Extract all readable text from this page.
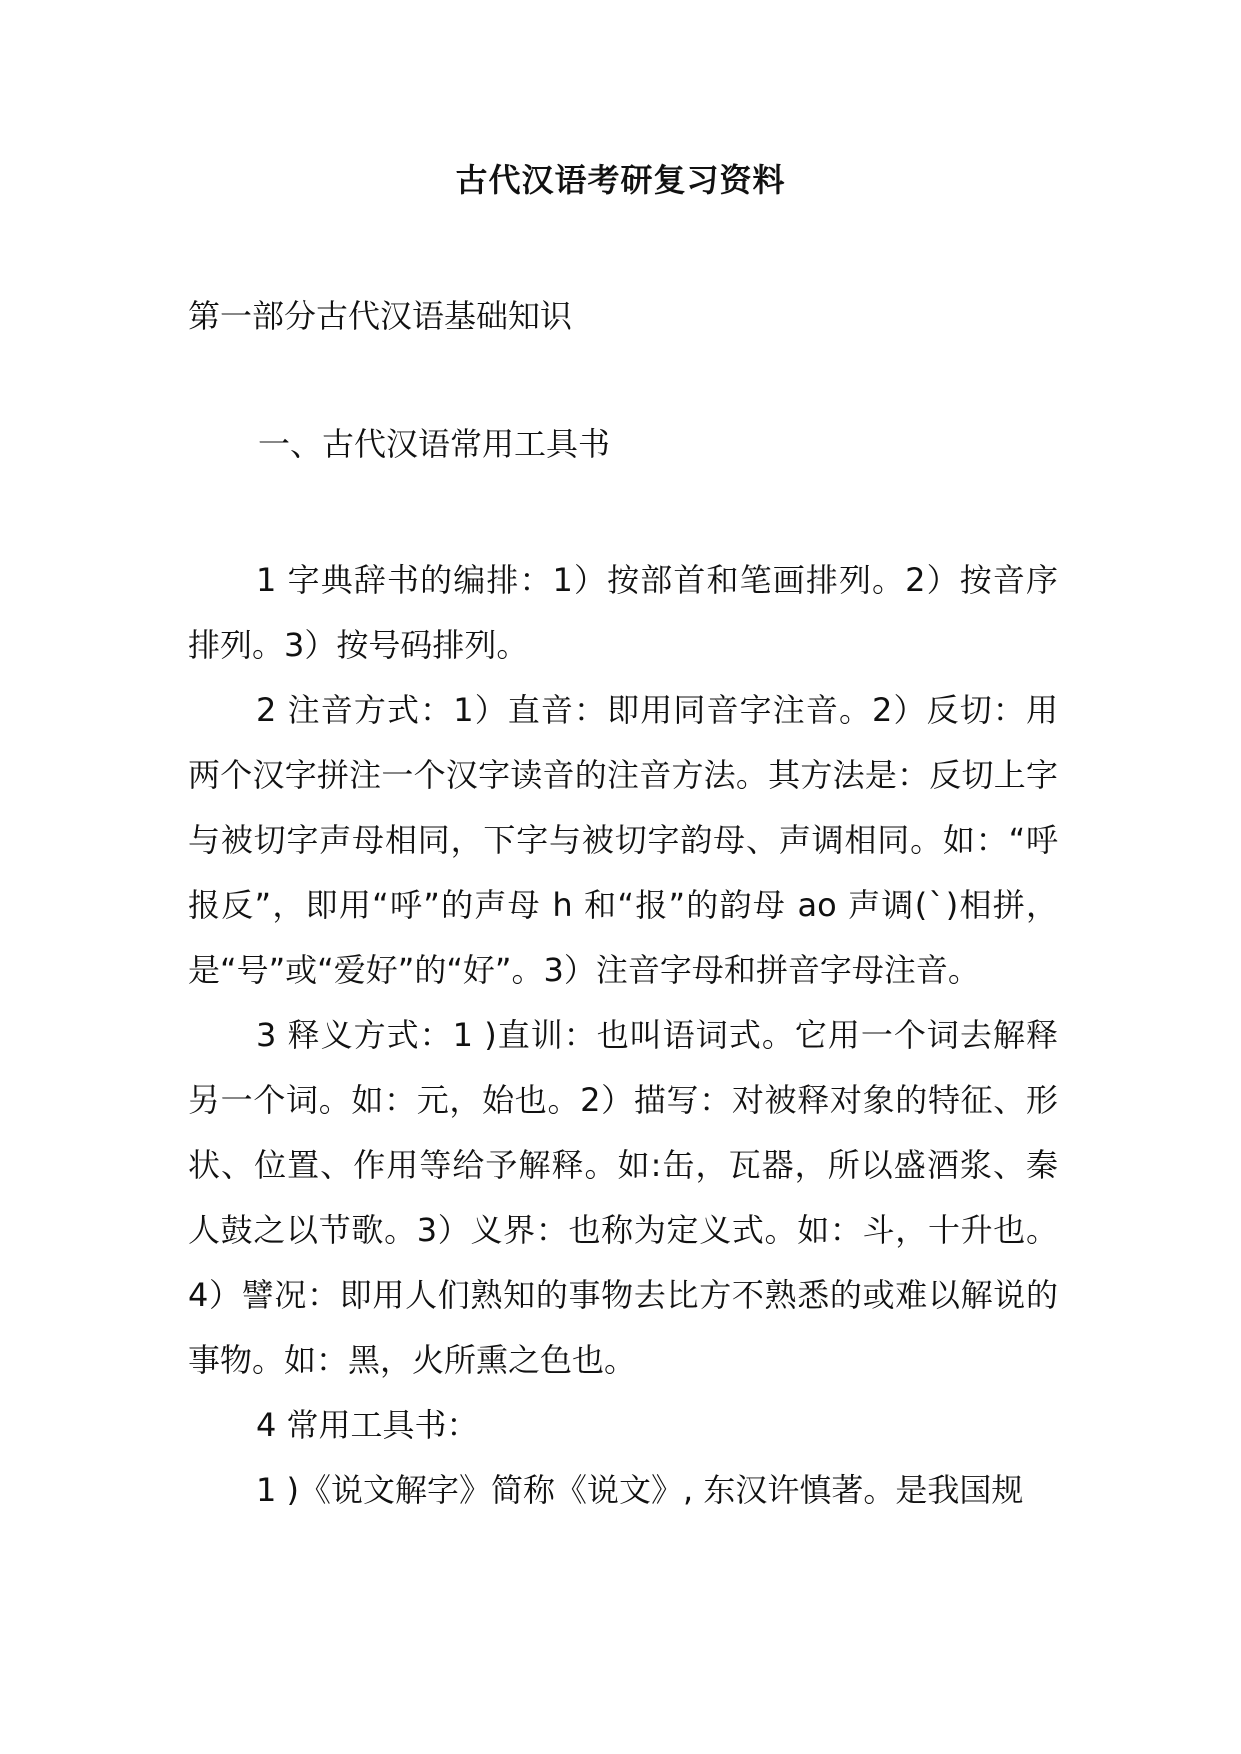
古代汉语考研复习资料
第一部分古代汉语基础知识
一、古代汉语常用工具书

1 字典辞书的编排：1）按部首和笔画排列。2）按音序排列。3）按号码排列。

2 注音方式：1）直音：即用同音字注音。2）反切：用两个汉字拼注一个汉字读音的注音方法。其方法是：反切上字与被切字声母相同，下字与被切字韵母、声调相同。如：“呼报反”，即用“呼”的声母 h 和“报”的韵母 ao 声调(ˋ)相拼，是“号”或“爱好”的“好”。3）注音字母和拼音字母注音。

3 释义方式：1 )直训：也叫语词式。它用一个词去解释另一个词。如：元，始也。2）描写：对被释对象的特征、形状、位置、作用等给予解释。如:缶，瓦器，所以盛酒浆、秦人鼓之以节歌。3）义界：也称为定义式。如：斗，十升也。4）譬况：即用人们熟知的事物去比方不熟悉的或难以解说的事物。如：黑，火所熏之色也。

4 常用工具书：

1 )《说文解字》简称《说文》, 东汉许慎著。是我国规
